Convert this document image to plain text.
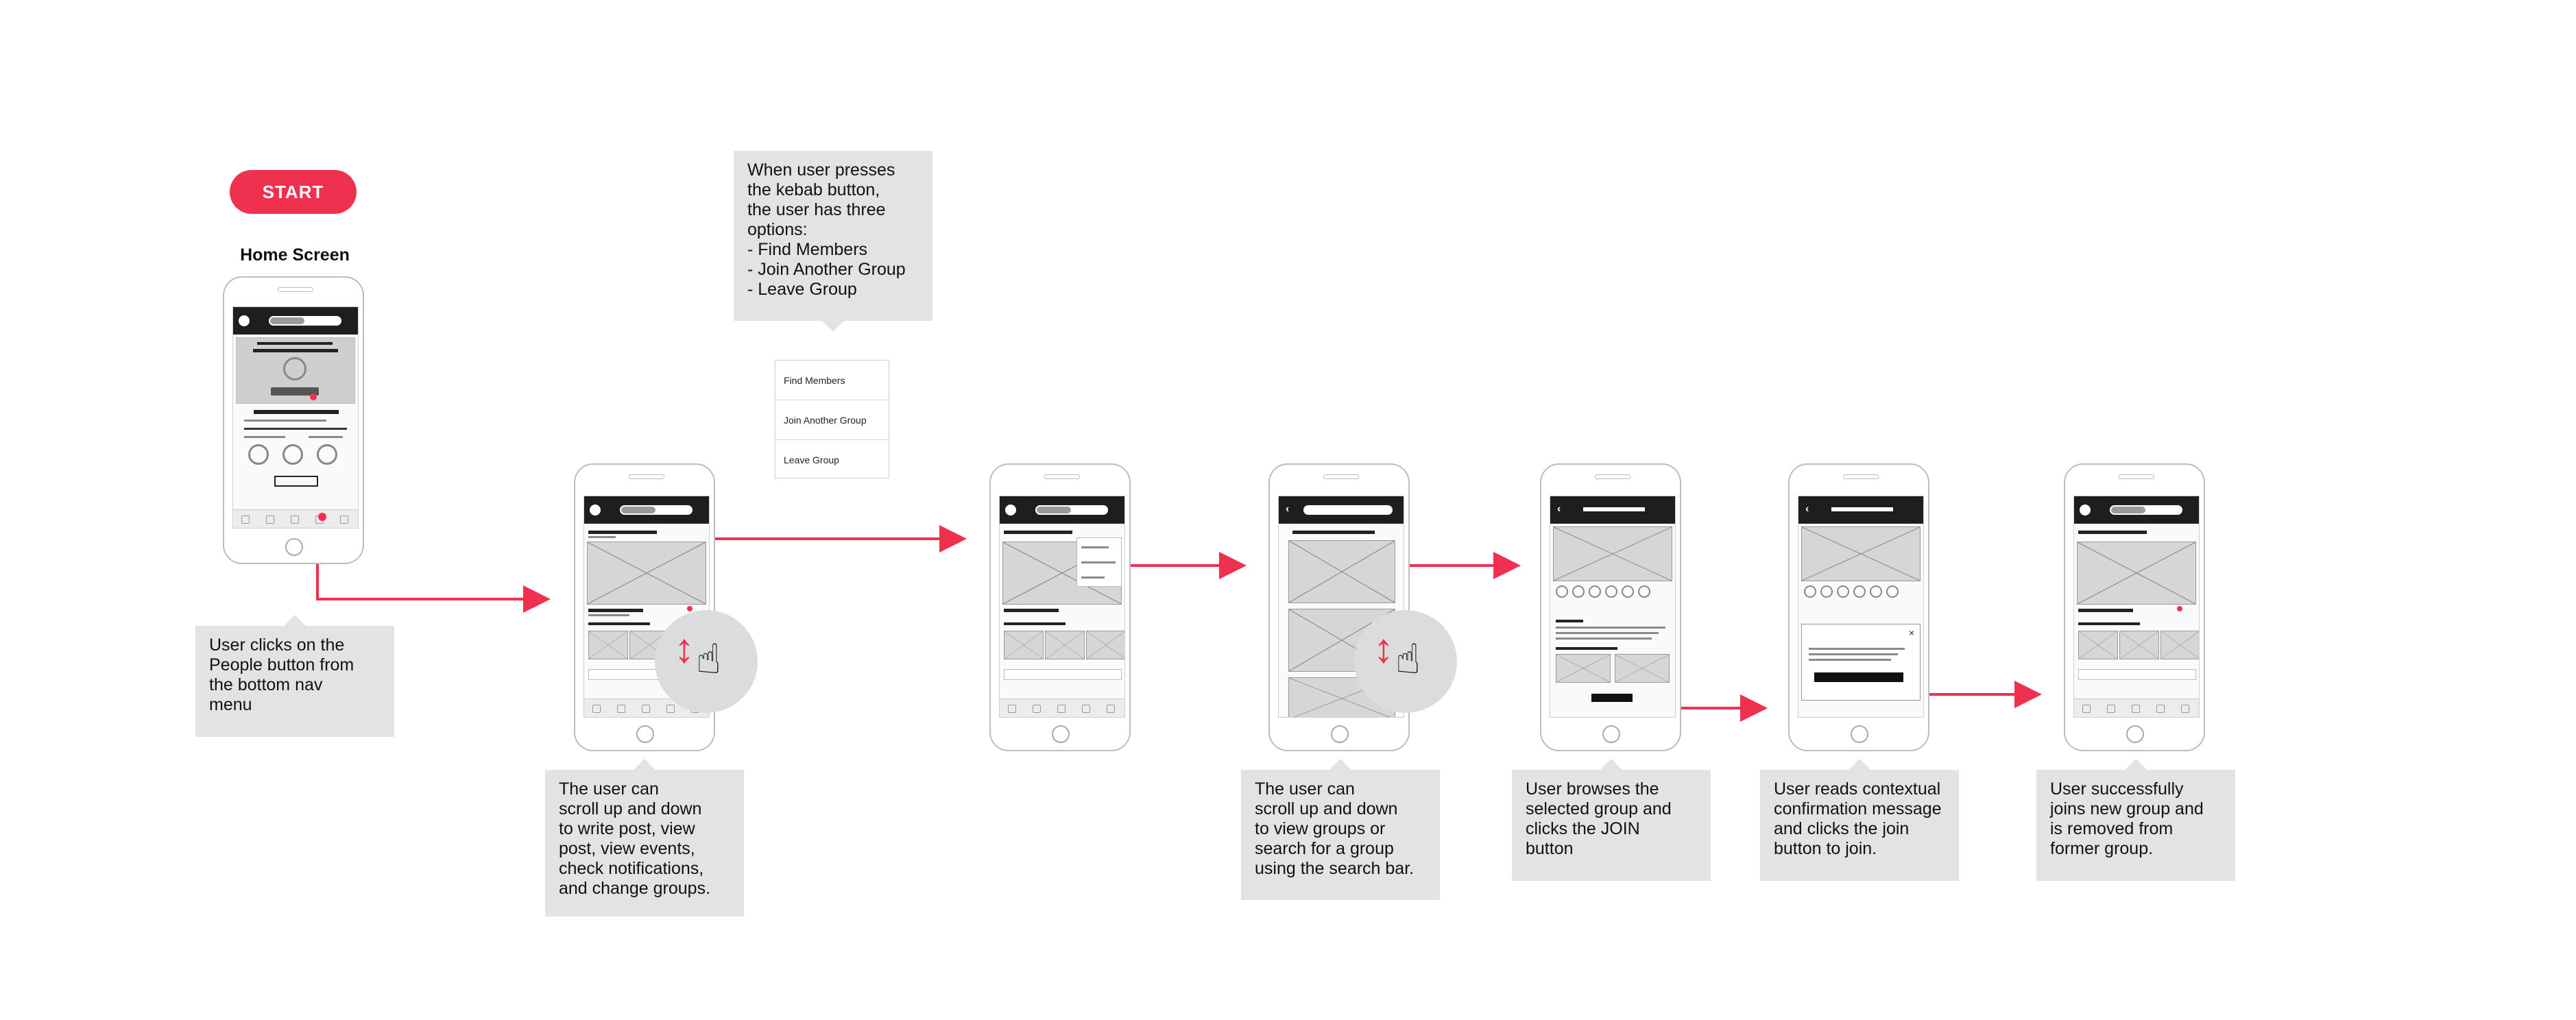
START
Home Screen
When user presses
the kebab button,
the user has three
options:
- Find Members
- Join Another Group
- Leave Group
Find Members
Join Another Group
Leave Group
User clicks on the
People button from
the bottom nav
menu
↕ ☝
The user can
scroll up and down
to write post, view
post, view events,
check notifications,
and change groups.
‹
↕ ☝
The user can
scroll up and down
to view groups or
search for a group
using the search bar.
‹
User browses the
selected group and
clicks the JOIN
button
‹
×
User reads contextual
confirmation message
and clicks the join
button to join.
User successfully
joins new group and
is removed from
former group.
